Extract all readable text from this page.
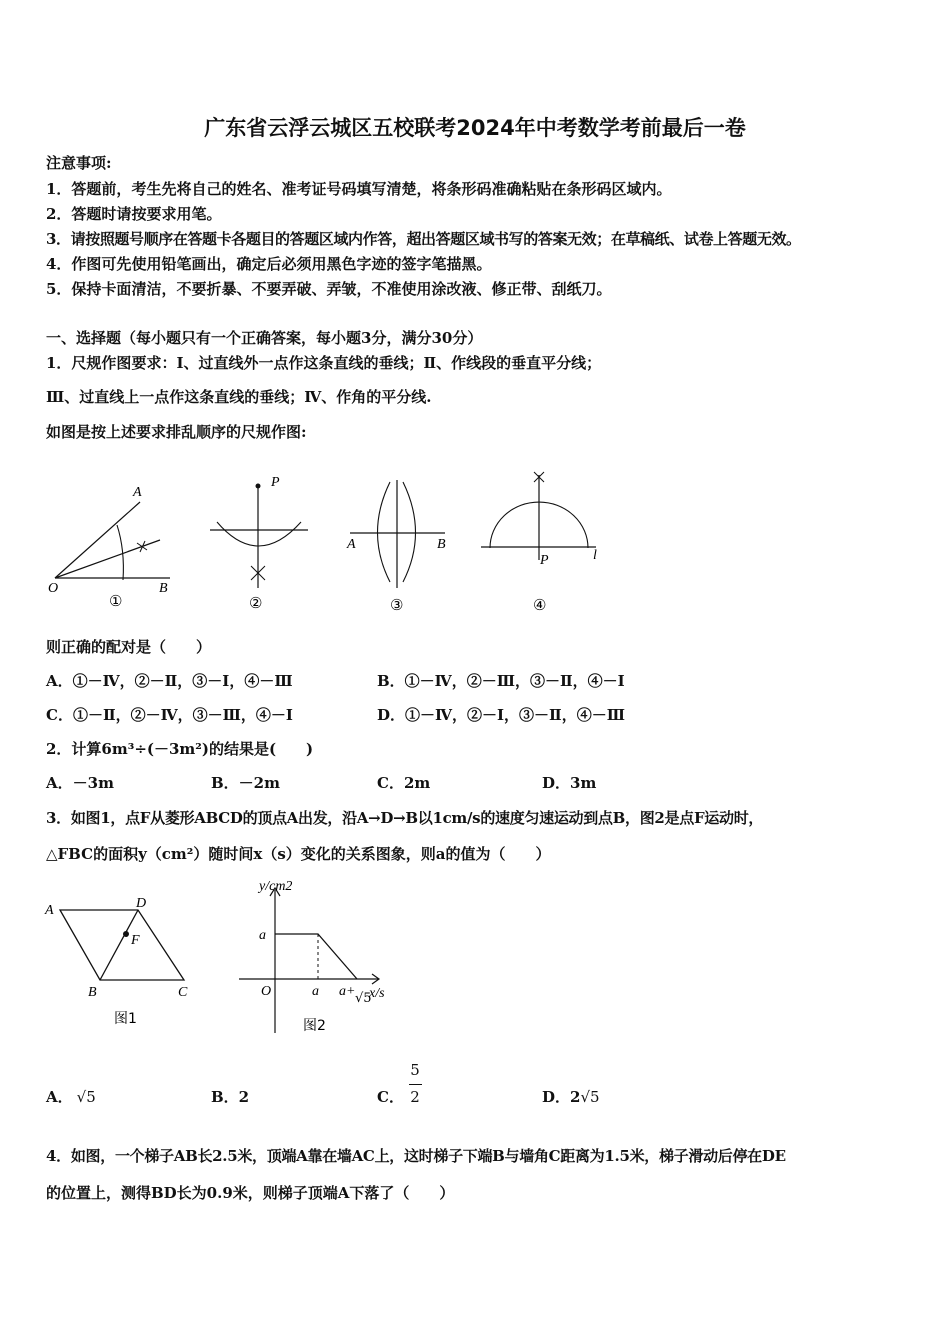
广东省云浮云城区五校联考2024年中考数学考前最后一卷
注意事项:
1．答题前，考生先将自己的姓名、准考证号码填写清楚，将条形码准确粘贴在条形码区域内。
2．答题时请按要求用笔。
3．请按照题号顺序在答题卡各题目的答题区域内作答，超出答题区域书写的答案无效；在草稿纸、试卷上答题无效。
4．作图可先使用铅笔画出，确定后必须用黑色字迹的签字笔描黑。
5．保持卡面清洁，不要折暴、不要弄破、弄皱，不准使用涂改液、修正带、刮纸刀。
一、选择题（每小题只有一个正确答案，每小题3分，满分30分）
1．尺规作图要求：Ⅰ、过直线外一点作这条直线的垂线；Ⅱ、作线段的垂直平分线；
Ⅲ、过直线上一点作这条直线的垂线；Ⅳ、作角的平分线.
如图是按上述要求排乱顺序的尺规作图:
A
O	B
①
P
②
A	B
③
P	l
④
则正确的配对是（　　）
A．①－Ⅳ，②－Ⅱ，③－Ⅰ，④－Ⅲ	B．①－Ⅳ，②－Ⅲ，③－Ⅱ，④－Ⅰ
C．①－Ⅱ，②－Ⅳ，③－Ⅲ，④－Ⅰ	D．①－Ⅳ，②－Ⅰ，③－Ⅱ，④－Ⅲ
2．计算6m³÷(－3m²)的结果是(　　)
A．－3m	B．－2m	C．2m	D．3m
3．如图1，点F从菱形ABCD的顶点A出发，沿A→D→B以1cm/s的速度匀速运动到点B，图2是点F运动时，
△FBC的面积y（cm²）随时间x（s）变化的关系图象，则a的值为（　　）
A	D
F
B	C
图1
y/cm2
a
O	a a+ √5
x/s
图2
A． √5	B．2	C．
5
2	D．2√5
4．如图，一个梯子AB长2.5米，顶端A靠在墙AC上，这时梯子下端B与墙角C距离为1.5米，梯子滑动后停在DE
的位置上，测得BD长为0.9米，则梯子顶端A下落了（　　）
